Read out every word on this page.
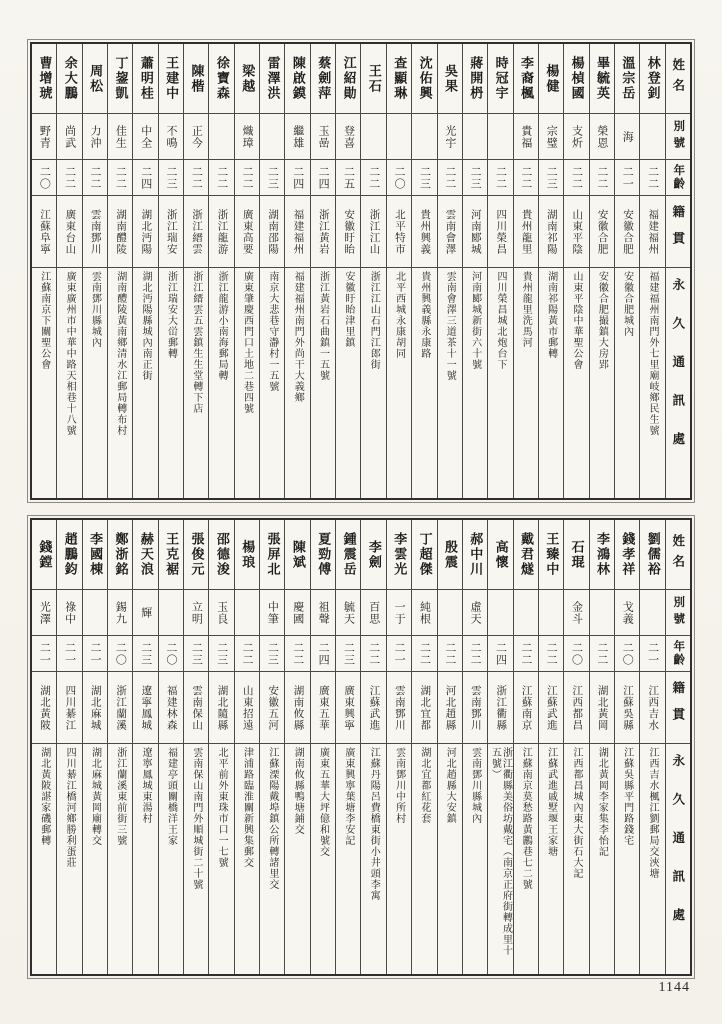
曹增琥
野青
二〇
江蘇阜寧
江蘇南京下關聖公會
余大鵬
尚武
二二
廣東台山
廣東廣州市中華中路天相巷十八號
周松
力沖
二二
雲南鄧川
雲南鄧川縣城內
丁鋆凱
佳生
二二
湖南醴陵
湖南醴陵黃南鄉清水江郵局轉布村
蕭明桂
中全
二四
湖北沔陽
湖北沔陽縣城內南正街
王建中
不鳴
二三
浙江瑞安
浙江瑞安大峃郵轉
陳楷
正今
二二
浙江縉雲
浙江縉雲五雲鎮生生堂轉下店
徐寶森
二二
浙江龍游
浙江龍游小南海郵局轉
梁越
熾璋
二二
廣東高要
廣東肇慶西門口土地二巷四號
雷澤洪
二三
湖南邵陽
南京大悲巷守瀞村一五號
陳啟鏌
繼雄
二四
福建福州
福建福州南門外尚干大義鄉
蔡劍萍
玉喦
二四
浙江黃岩
浙江黃岩石曲鎮一五號
江紹勛
登喜
二五
安徽盱眙
安徽盱眙津里鎮
王石
二二
浙江江山
浙江江山石門江郎街
查顯琳
二〇
北平特市
北平西城永康胡同
沈佑興
二三
貴州興義
貴州興義縣永康路
吳果
光宇
二二
雲南會澤
雲南會澤三道茶十一號
蔣開枬
二三
河南郾城
河南郾城新街六十號
時冠宇
二二
四川榮昌
四川榮昌城北炮台下
李裔楓
貴福
二二
貴州龍里
貴州龍里洗馬河
楊健
宗璧
二三
湖南祁陽
湖南祁陽黃市郵轉
楊楨國
支炘
二二
山東平陰
山東平陰中華聖公會
畢毓英
榮恩
二二
安徽合肥
安徽合肥撮鎮大房郢
溫宗岳
海
二一
安徽合肥
安徽合肥城內
林登釗
二二
福建福州
福建福州南門外七里廟岐鄉民生號
姓名
別號
年齡
籍貫
永久通訊處
錢鏜
光澤
二一
湖北黃陂
湖北黃陂諶家磯郵轉
趙鵬鈞
祿中
二一
四川綦江
四川綦江橋河鄉勝利蛋莊
李國棟
二一
湖北麻城
湖北麻城黃岡廟轉交
鄭浙銘
錫九
二〇
浙江蘭溪
浙江蘭溪東前街三號
赫天浪
輝
二三
遼寧鳳城
遼寧鳳城東湯村
王克裾
二〇
福建林森
福建亭頭關橋洋王家
張俊元
立明
二三
雲南保山
雲南保山南門外順城街二十號
邵德浚
玉良
二三
湖北隨縣
北平前外東珠市口一七號
楊琅
二二
山東招遠
津浦路臨淮關新興集郵交
張屏北
中筆
二三
安徽五河
江蘇溧陽戴埠鎮公所轉諸里交
陳斌
慶國
二二
湖南攸縣
湖南攸縣鴨塘鋪交
夏勁傅
祖聲
二四
廣東五華
廣東五華大坪億和號交
鍾震岳
毓天
二三
廣東興寧
廣東興寧葉塘李安記
李劍
百思
二二
江蘇武進
江蘇丹陽呂費橋東街小井頭李寓
李雲光
一于
二一
雲南鄧川
雲南鄧川中所村
丁超傑
純根
二二
湖北宜都
湖北宜都紅花套
殷震
二二
河北趙縣
河北趙縣大安鎮
郝中川
虛天
二二
雲南鄧川
雲南鄧川縣城內
高懷
二四
浙江衢縣
浙江衢縣美俗坊戴宅（南京正府街轉成里十五號）
戴君燧
二二
江蘇南京
江蘇南京莫愁路黃鸝巷七二號
王臻中
二二
江蘇武進
江蘇武進戚墅堰王家塘
石琨
金斗
二〇
江西都昌
江西都昌城內東大街石大記
李鴻林
二二
湖北黃岡
湖北黃岡李家集李怡記
錢孝祥
戈義
二〇
江蘇吳縣
江蘇吳縣平門路錢宅
劉儒裕
二一
江西吉水
江西吉水楓江劉郵局交浹塘
姓名
別號
年齡
籍貫
永久通訊處
1144
